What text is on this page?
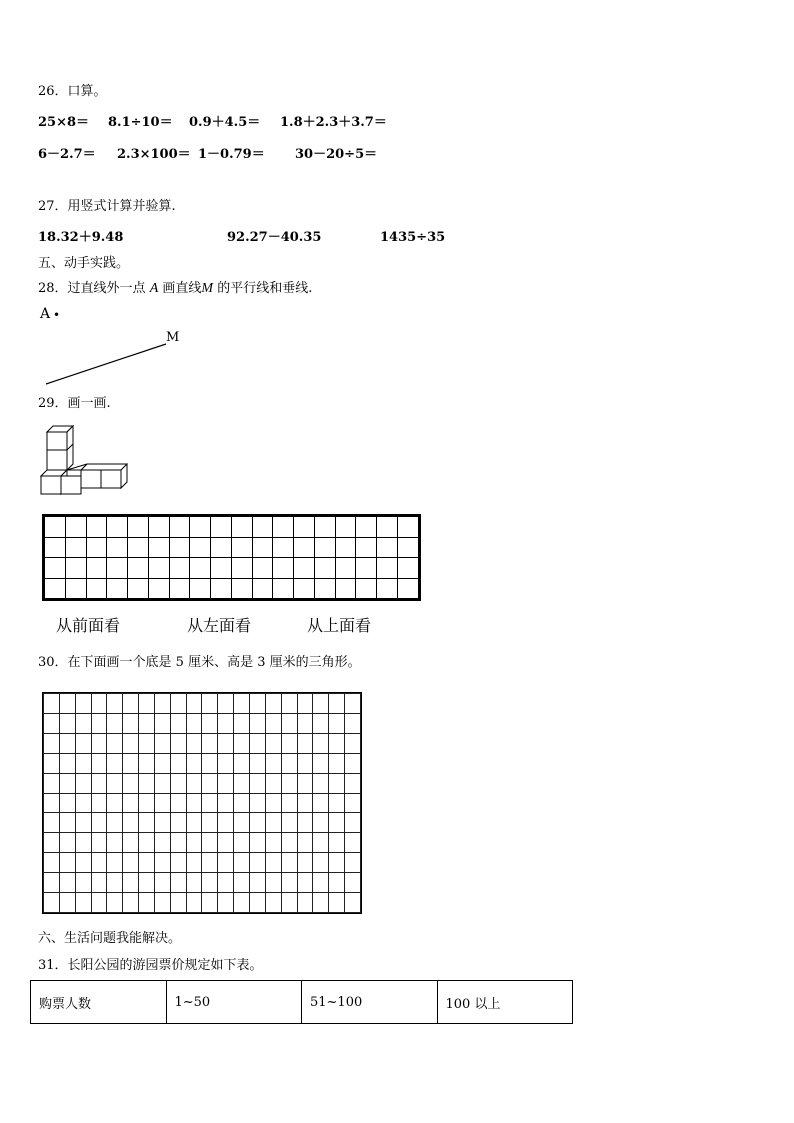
26．口算。
25×8＝ 8.1÷10＝ 0.9＋4.5＝ 1.8＋2.3＋3.7＝
6－2.7＝ 2.3×100＝ 1－0.79＝ 30－20÷5＝
27．用竖式计算并验算.
18.32＋9.48	92.27－40.35	1435÷35
五、动手实践。
28．过直线外一点 A 画直线M 的平行线和垂线.
A •
M
29．画一画.

从前面看	从左面看	从上面看
30．在下面画一个底是 5 厘米、高是 3 厘米的三角形。

六、生活问题我能解决。
31．长阳公园的游园票价规定如下表。
购票人数	1~50	51~100	100 以上
